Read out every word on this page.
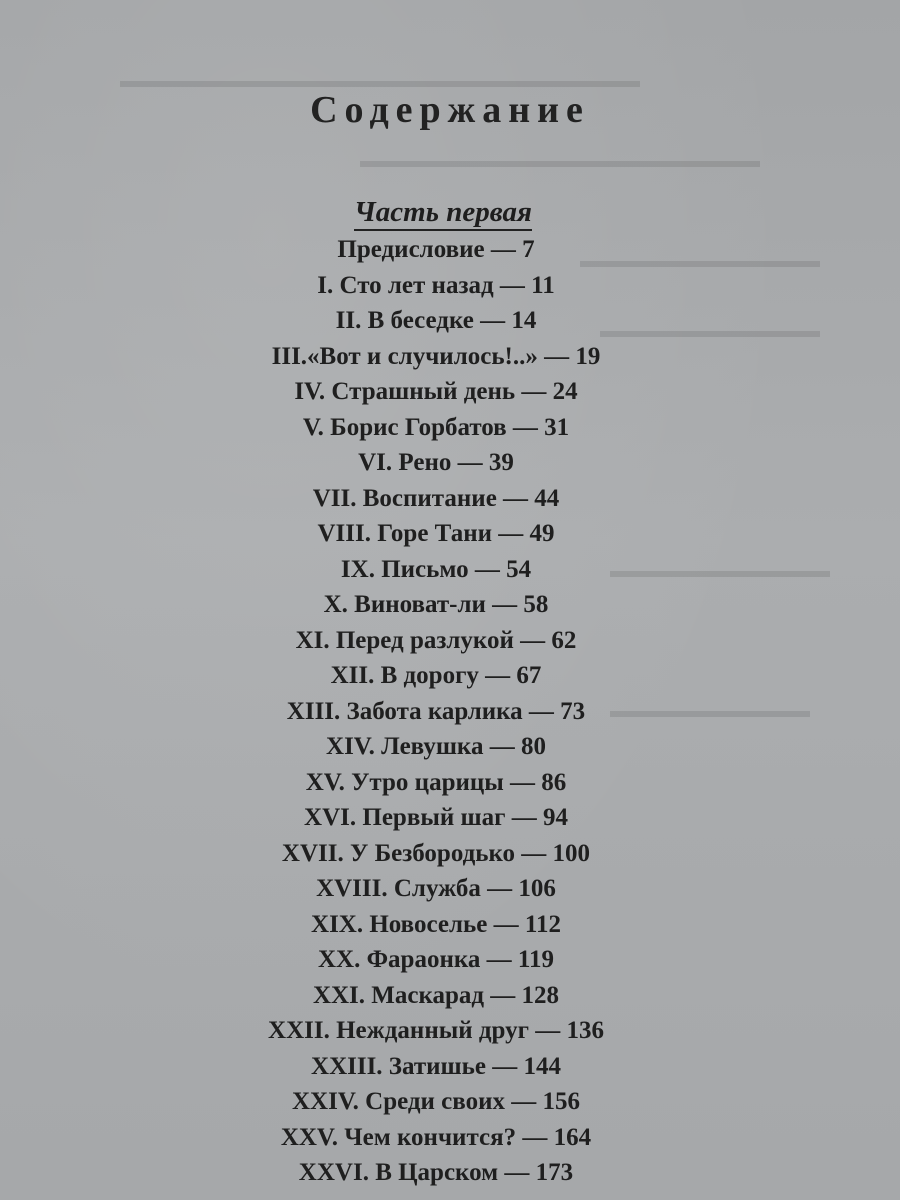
▬▬▬▬▬▬▬▬▬▬▬▬▬▬▬▬▬▬▬▬▬▬▬▬▬▬
▬▬▬▬▬▬▬▬▬▬▬▬▬▬▬▬▬▬▬▬
▬▬▬▬▬▬▬▬▬▬▬▬
▬▬▬▬▬▬▬▬▬▬▬
▬▬▬▬▬▬▬▬▬▬▬
▬▬▬▬▬▬▬▬▬▬
Содержание
Часть первая
Предисловие — 7
I. Сто лет назад — 11
II. В беседке — 14
III.«Вот и случилось!..» — 19
IV. Страшный день — 24
V. Борис Горбатов — 31
VI. Рено — 39
VII. Воспитание — 44
VIII. Горе Тани — 49
IX. Письмо — 54
X. Виноват-ли — 58
XI. Перед разлукой — 62
XII. В дорогу — 67
XIII. Забота карлика — 73
XIV. Левушка — 80
XV. Утро царицы — 86
XVI. Первый шаг — 94
XVII. У Безбородько — 100
XVIII. Служба — 106
XIX. Новоселье — 112
XX. Фараонка — 119
XXI. Маскарад — 128
XXII. Нежданный друг — 136
XXIII. Затишье — 144
XXIV. Среди своих — 156
XXV. Чем кончится? — 164
XXVI. В Царском — 173
